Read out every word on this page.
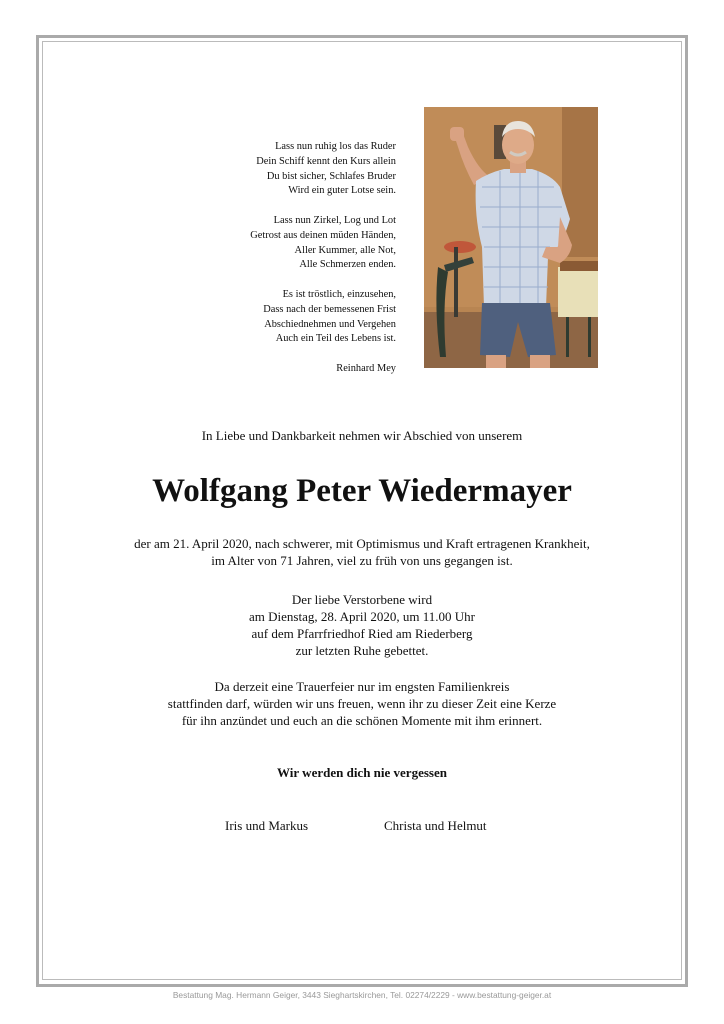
Lass nun ruhig los das Ruder
Dein Schiff kennt den Kurs allein
Du bist sicher, Schlafes Bruder
Wird ein guter Lotse sein.
Lass nun Zirkel, Log und Lot
Getrost aus deinen müden Händen,
Aller Kummer, alle Not,
Alle Schmerzen enden.
Es ist tröstlich, einzusehen,
Dass nach der bemessenen Frist
Abschiednehmen und Vergehen
Auch ein Teil des Lebens ist.
Reinhard Mey
In Liebe und Dankbarkeit nehmen wir Abschied von unserem
Wolfgang Peter Wiedermayer
der am 21. April 2020, nach schwerer, mit Optimismus und Kraft ertragenen Krankheit,
im Alter von 71 Jahren, viel zu früh von uns gegangen ist.
Der liebe Verstorbene wird
am Dienstag, 28. April 2020, um 11.00 Uhr
auf dem Pfarrfriedhof Ried am Riederberg
zur letzten Ruhe gebettet.
Da derzeit eine Trauerfeier nur im engsten Familienkreis
stattfinden darf, würden wir uns freuen, wenn ihr zu dieser Zeit eine Kerze
für ihn anzündet und euch an die schönen Momente mit ihm erinnert.
Wir werden dich nie vergessen
Iris und Markus	Christa und Helmut
Bestattung Mag. Hermann Geiger, 3443 Sieghartskirchen, Tel. 02274/2229 - www.bestattung-geiger.at
